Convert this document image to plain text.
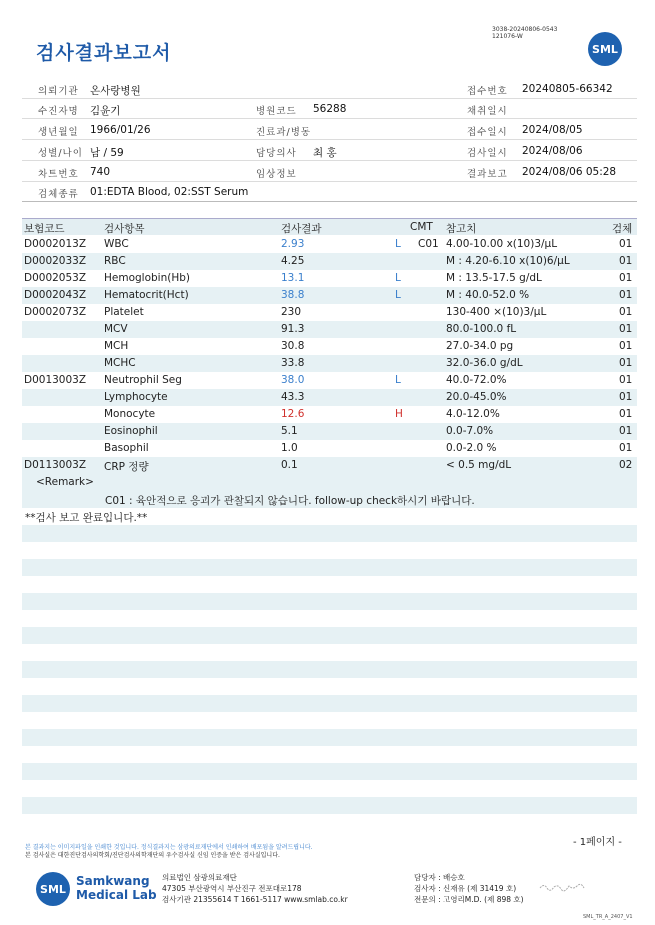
검사결과보고서
3038-20240806-0543
121076-W
SML
의뢰기관 온사랑병원	접수번호 20240805-66342
수진자명 김윤기	병원코드 56288	채취일시
생년월일 1966/01/26	진료과/병동	접수일시 2024/08/05
성별/나이 남 / 59	담당의사 최 홍	검사일시 2024/08/06
차트번호 740	임상정보	결과보고 2024/08/06 05:28
검체종류 01:EDTA Blood, 02:SST Serum
보험코드	검사항목	검사결과	CMT 참고치	검체
D0002013Z WBC	2.93	L C01 4.00-10.00 x(10)3/μL	01
D0002033Z RBC	4.25	M : 4.20-6.10 x(10)6/μL	01
D0002053Z Hemoglobin(Hb)	13.1	L	M : 13.5-17.5 g/dL	01
D0002043Z Hematocrit(Hct)	38.8	L	M : 40.0-52.0 %	01
D0002073Z Platelet	230	130-400 ×(10)3/μL	01
MCV	91.3	80.0-100.0 fL	01
MCH	30.8	27.0-34.0 pg	01
MCHC	33.8	32.0-36.0 g/dL	01
D0013003Z Neutrophil Seg	38.0	L	40.0-72.0%	01
Lymphocyte	43.3	20.0-45.0%	01
Monocyte	12.6	H	4.0-12.0%	01
Eosinophil	5.1	0.0-7.0%	01
Basophil	1.0	0.0-2.0 %	01
D0113003Z CRP 정량	0.1	< 0.5 mg/dL	02
<Remark>
C01 : 육안적으로 응괴가 관찰되지 않습니다. follow-up check하시기 바랍니다.
**검사 보고 완료입니다.**
본 결과지는 이미지파일을 인쇄한 것입니다. 정식결과지는 삼광의료재단에서 인쇄하여 배포됨을 알려드립니다.
본 검사실은 대한진단검사의학회/진단검사의학재단의 우수검사실 신임 인증을 받은 검사실입니다.
- 1페이지 -
SML
Samkwang
Medical Lab
의료법인 삼광의료재단
47305 부산광역시 부산진구 전포대로178
검사기관 21355614 T 1661-5117 www.smlab.co.kr
담당자 : 배승호
검사자 : 신재유 (제 31419 호)
전문의 : 고영리M.D. (제 898 호)
SML_TR_A_2407_V1
